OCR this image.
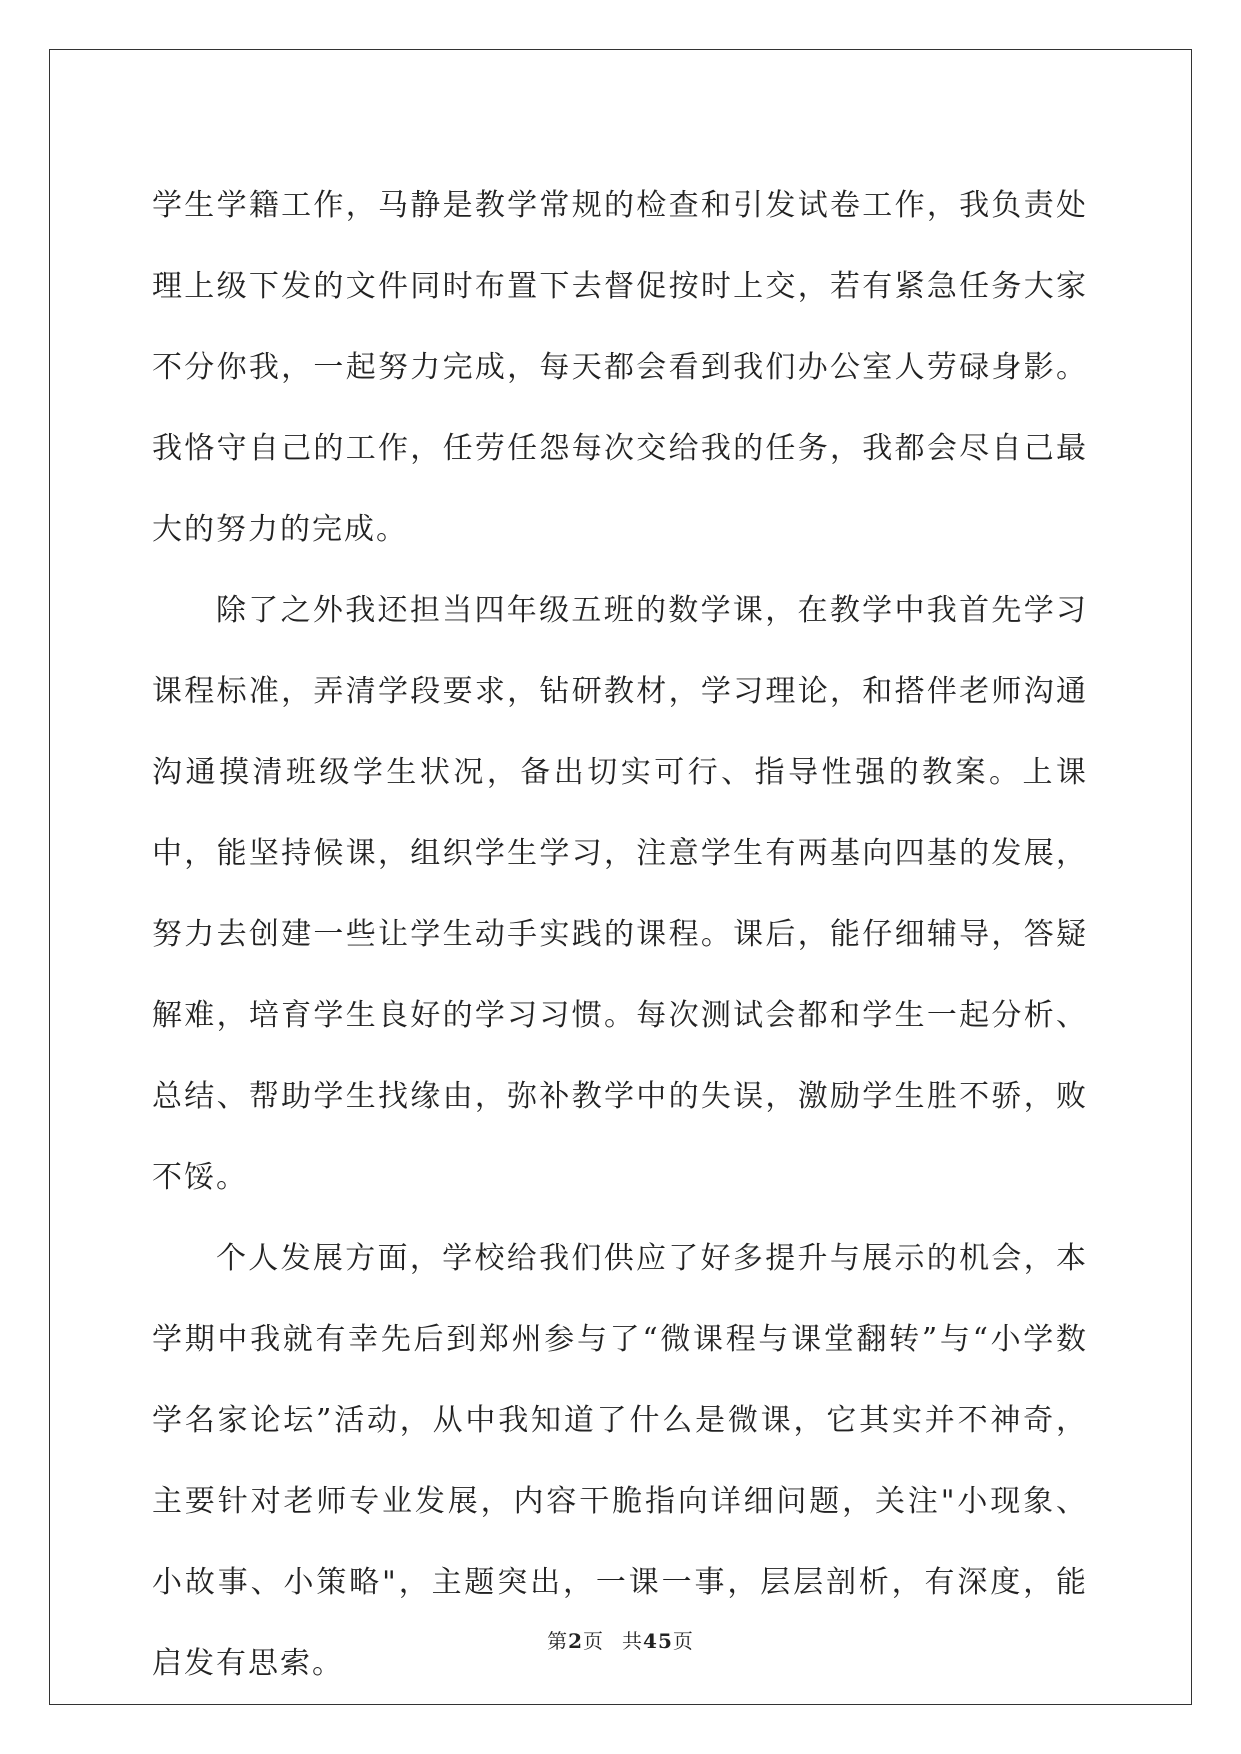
学生学籍工作，马静是教学常规的检查和引发试卷工作，我负责处理上级下发的文件同时布置下去督促按时上交，若有紧急任务大家不分你我，一起努力完成，每天都会看到我们办公室人劳碌身影。我恪守自己的工作，任劳任怨每次交给我的任务，我都会尽自己最大的努力的完成。

除了之外我还担当四年级五班的数学课，在教学中我首先学习课程标准，弄清学段要求，钻研教材，学习理论，和搭伴老师沟通沟通摸清班级学生状况，备出切实可行、指导性强的教案。上课中，能坚持候课，组织学生学习，注意学生有两基向四基的发展，努力去创建一些让学生动手实践的课程。课后，能仔细辅导，答疑解难，培育学生良好的学习习惯。每次测试会都和学生一起分析、总结、帮助学生找缘由，弥补教学中的失误，激励学生胜不骄，败不馁。

个人发展方面，学校给我们供应了好多提升与展示的机会，本学期中我就有幸先后到郑州参与了“微课程与课堂翻转”与“小学数学名家论坛”活动，从中我知道了什么是微课，它其实并不神奇，主要针对老师专业发展，内容干脆指向详细问题，关注"小现象、小故事、小策略"，主题突出，一课一事，层层剖析，有深度，能启发有思索。

第2页 共45页
